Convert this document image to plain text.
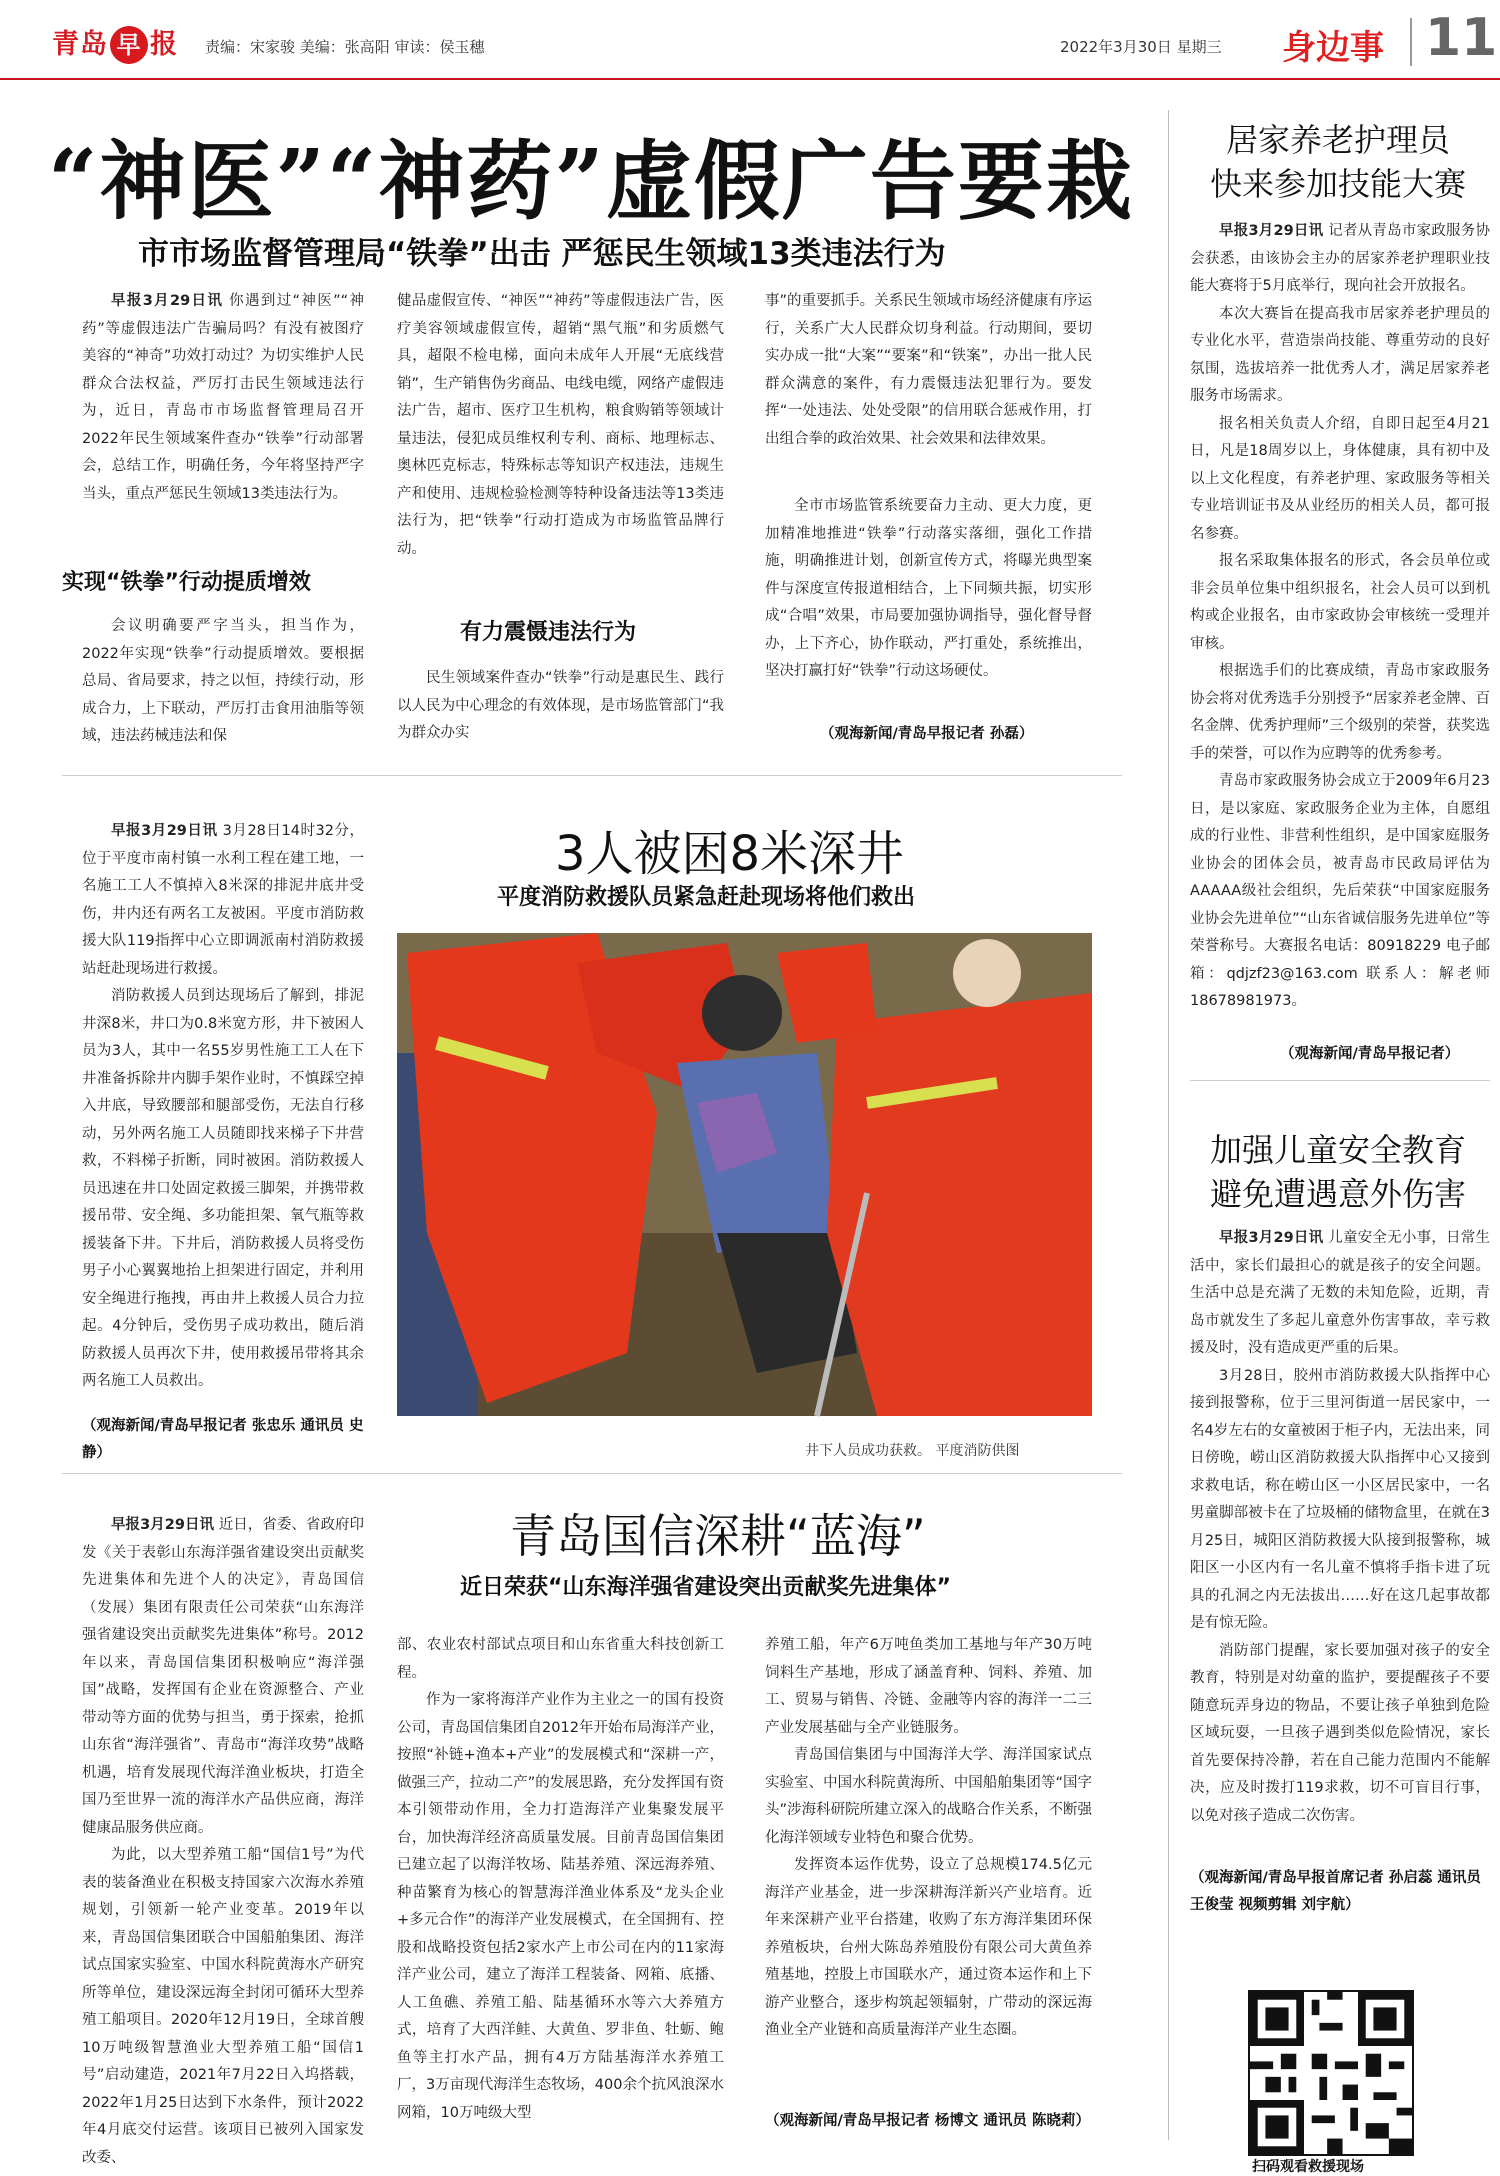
青岛 早 报 责编：宋家骏 美编：张高阳 审读：侯玉穗	2022年3月30日 星期三 身边事 11
“神医”“神药”虚假广告要栽
市市场监督管理局“铁拳”出击 严惩民生领域13类违法行为

早报3月29日讯 你遇到过“神医”“神药”等虚假违法广告骗局吗？有没有被图疗美容的“神奇”功效打动过？为切实维护人民群众合法权益，严厉打击民生领域违法行为，近日，青岛市市场监督管理局召开2022年民生领域案件查办“铁拳”行动部署会，总结工作，明确任务，今年将坚持严字当头，重点严惩民生领域13类违法行为。

实现“铁拳”行动提质增效

会议明确要严字当头，担当作为，2022年实现“铁拳”行动提质增效。要根据总局、省局要求，持之以恒，持续行动，形成合力，上下联动，严厉打击食用油脂等领域，违法药械违法和保

健品虚假宣传、“神医”“神药”等虚假违法广告，医疗美容领域虚假宣传，超销“黑气瓶”和劣质燃气具，超限不检电梯，面向未成年人开展“无底线营销”，生产销售伪劣商品、电线电缆，网络产虚假违法广告，超市、医疗卫生机构，粮食购销等领域计量违法，侵犯成员维权利专利、商标、地理标志、奥林匹克标志，特殊标志等知识产权违法，违规生产和使用、违规检验检测等特种设备违法等13类违法行为，把“铁拳”行动打造成为市场监管品牌行动。

有力震慑违法行为

民生领域案件查办“铁拳”行动是惠民生、践行以人民为中心理念的有效体现，是市场监管部门“我为群众办实

事”的重要抓手。关系民生领域市场经济健康有序运行，关系广大人民群众切身利益。行动期间，要切实办成一批“大案”“要案”和“铁案”，办出一批人民群众满意的案件，有力震慑违法犯罪行为。要发挥“一处违法、处处受限”的信用联合惩戒作用，打出组合拳的政治效果、社会效果和法律效果。

全市市场监管系统要奋力主动、更大力度，更加精准地推进“铁拳”行动落实落细，强化工作措施，明确推进计划，创新宣传方式，将曝光典型案件与深度宣传报道相结合，上下同频共振，切实形成“合唱”效果，市局要加强协调指导，强化督导督办，上下齐心，协作联动，严打重处，系统推出，坚决打赢打好“铁拳”行动这场硬仗。

（观海新闻/青岛早报记者 孙磊）
3人被困8米深井
平度消防救援队员紧急赶赴现场将他们救出

早报3月29日讯 3月28日14时32分，位于平度市南村镇一水利工程在建工地，一名施工工人不慎掉入8米深的排泥井底井受伤，井内还有两名工友被困。平度市消防救援大队119指挥中心立即调派南村消防救援站赶赴现场进行救援。

消防救援人员到达现场后了解到，排泥井深8米，井口为0.8米宽方形，井下被困人员为3人，其中一名55岁男性施工工人在下井准备拆除井内脚手架作业时，不慎踩空掉入井底，导致腰部和腿部受伤，无法自行移动，另外两名施工人员随即找来梯子下井营救，不料梯子折断，同时被困。消防救援人员迅速在井口处固定救援三脚架，并携带救援吊带、安全绳、多功能担架、氧气瓶等救援装备下井。下井后，消防救援人员将受伤男子小心翼翼地抬上担架进行固定，并利用安全绳进行拖拽，再由井上救援人员合力拉起。4分钟后，受伤男子成功救出，随后消防救援人员再次下井，使用救援吊带将其余两名施工人员救出。

（观海新闻/青岛早报记者 张忠乐 通讯员 史静）	井下人员成功获救。 平度消防供图
青岛国信深耕“蓝海”
近日荣获“山东海洋强省建设突出贡献奖先进集体”

早报3月29日讯 近日，省委、省政府印发《关于表彰山东海洋强省建设突出贡献奖先进集体和先进个人的决定》，青岛国信（发展）集团有限责任公司荣获“山东海洋强省建设突出贡献奖先进集体”称号。2012年以来，青岛国信集团积极响应“海洋强国”战略，发挥国有企业在资源整合、产业带动等方面的优势与担当，勇于探索，抢抓山东省“海洋强省”、青岛市“海洋攻势”战略机遇，培育发展现代海洋渔业板块，打造全国乃至世界一流的海洋水产品供应商，海洋健康品服务供应商。

为此，以大型养殖工船“国信1号”为代表的装备渔业在积极支持国家六次海水养殖规划，引领新一轮产业变革。2019年以来，青岛国信集团联合中国船舶集团、海洋试点国家实验室、中国水科院黄海水产研究所等单位，建设深远海全封闭可循环大型养殖工船项目。2020年12月19日，全球首艘10万吨级智慧渔业大型养殖工船“国信1号”启动建造，2021年7月22日入坞搭载，2022年1月25日达到下水条件，预计2022年4月底交付运营。该项目已被列入国家发改委、

部、农业农村部试点项目和山东省重大科技创新工程。

作为一家将海洋产业作为主业之一的国有投资公司，青岛国信集团自2012年开始布局海洋产业，按照“补链+渔本+产业”的发展模式和“深耕一产，做强三产，拉动二产”的发展思路，充分发挥国有资本引领带动作用，全力打造海洋产业集聚发展平台，加快海洋经济高质量发展。目前青岛国信集团已建立起了以海洋牧场、陆基养殖、深远海养殖、种苗繁育为核心的智慧海洋渔业体系及“龙头企业+多元合作”的海洋产业发展模式，在全国拥有、控股和战略投资包括2家水产上市公司在内的11家海洋产业公司，建立了海洋工程装备、网箱、底播、人工鱼礁、养殖工船、陆基循环水等六大养殖方式，培育了大西洋鲑、大黄鱼、罗非鱼、牡蛎、鲍鱼等主打水产品，拥有4万方陆基海洋水养殖工厂，3万亩现代海洋生态牧场，400余个抗风浪深水网箱，10万吨级大型

养殖工船，年产6万吨鱼类加工基地与年产30万吨饲料生产基地，形成了涵盖育种、饲料、养殖、加工、贸易与销售、冷链、金融等内容的海洋一二三产业发展基础与全产业链服务。

青岛国信集团与中国海洋大学、海洋国家试点实验室、中国水科院黄海所、中国船舶集团等“国字头”涉海科研院所建立深入的战略合作关系，不断强化海洋领域专业特色和聚合优势。

发挥资本运作优势，设立了总规模174.5亿元海洋产业基金，进一步深耕海洋新兴产业培育。近年来深耕产业平台搭建，收购了东方海洋集团环保养殖板块，台州大陈岛养殖股份有限公司大黄鱼养殖基地，控股上市国联水产，通过资本运作和上下游产业整合，逐步构筑起领辐射，广带动的深远海渔业全产业链和高质量海洋产业生态圈。

（观海新闻/青岛早报记者 杨博文 通讯员 陈晓莉）
居家养老护理员
快来参加技能大赛

早报3月29日讯 记者从青岛市家政服务协会获悉，由该协会主办的居家养老护理职业技能大赛将于5月底举行，现向社会开放报名。

本次大赛旨在提高我市居家养老护理员的专业化水平，营造崇尚技能、尊重劳动的良好氛围，选拔培养一批优秀人才，满足居家养老服务市场需求。

报名相关负责人介绍，自即日起至4月21日，凡是18周岁以上，身体健康，具有初中及以上文化程度，有养老护理、家政服务等相关专业培训证书及从业经历的相关人员，都可报名参赛。

报名采取集体报名的形式，各会员单位或非会员单位集中组织报名，社会人员可以到机构或企业报名，由市家政协会审核统一受理并审核。

根据选手们的比赛成绩，青岛市家政服务协会将对优秀选手分别授予“居家养老金牌、百名金牌、优秀护理师”三个级别的荣誉，获奖选手的荣誉，可以作为应聘等的优秀参考。

青岛市家政服务协会成立于2009年6月23日，是以家庭、家政服务企业为主体，自愿组成的行业性、非营利性组织，是中国家庭服务业协会的团体会员，被青岛市民政局评估为AAAAA级社会组织，先后荣获“中国家庭服务业协会先进单位”“山东省诚信服务先进单位”等荣誉称号。大赛报名电话：80918229 电子邮箱：qdjzf23@163.com 联系人：解老师18678981973。

（观海新闻/青岛早报记者）
加强儿童安全教育
避免遭遇意外伤害

早报3月29日讯 儿童安全无小事，日常生活中，家长们最担心的就是孩子的安全问题。生活中总是充满了无数的未知危险，近期，青岛市就发生了多起儿童意外伤害事故，幸亏救援及时，没有造成更严重的后果。

3月28日，胶州市消防救援大队指挥中心接到报警称，位于三里河街道一居民家中，一名4岁左右的女童被困于柜子内，无法出来，同日傍晚，崂山区消防救援大队指挥中心又接到求救电话，称在崂山区一小区居民家中，一名男童脚部被卡在了垃圾桶的储物盒里，在就在3月25日，城阳区消防救援大队接到报警称，城阳区一小区内有一名儿童不慎将手指卡进了玩具的孔洞之内无法拔出……好在这几起事故都是有惊无险。

消防部门提醒，家长要加强对孩子的安全教育，特别是对幼童的监护，要提醒孩子不要随意玩弄身边的物品，不要让孩子单独到危险区域玩耍，一旦孩子遇到类似危险情况，家长首先要保持冷静，若在自己能力范围内不能解决，应及时拨打119求救，切不可盲目行事，以免对孩子造成二次伤害。

（观海新闻/青岛早报首席记者 孙启蕊 通讯员 王俊莹 视频剪辑 刘宇航）
扫码观看救援现场
